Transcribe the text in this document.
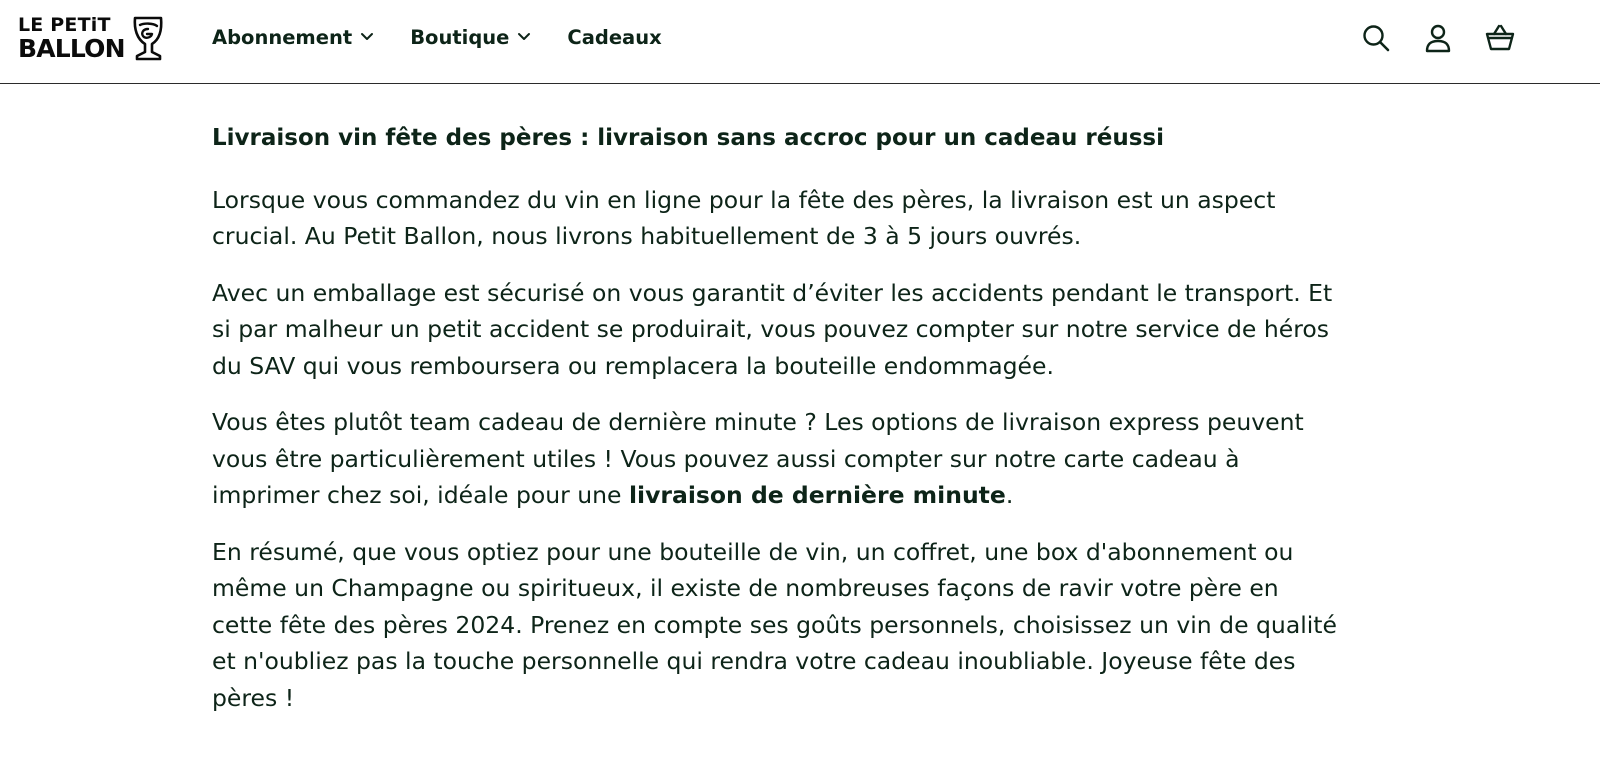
LE PETiT
BALLON	Abonnement	Boutique	Cadeaux
Livraison vin fête des pères : livraison sans accroc pour un cadeau réussi

Lorsque vous commandez du vin en ligne pour la fête des pères, la livraison est un aspect crucial. Au Petit Ballon, nous livrons habituellement de 3 à 5 jours ouvrés.

Avec un emballage est sécurisé on vous garantit d’éviter les accidents pendant le transport. Et si par malheur un petit accident se produirait, vous pouvez compter sur notre service de héros du SAV qui vous remboursera ou remplacera la bouteille endommagée.

Vous êtes plutôt team cadeau de dernière minute ? Les options de livraison express peuvent vous être particulièrement utiles ! Vous pouvez aussi compter sur notre carte cadeau à imprimer chez soi, idéale pour une livraison de dernière minute.

En résumé, que vous optiez pour une bouteille de vin, un coffret, une box d'abonnement ou même un Champagne ou spiritueux, il existe de nombreuses façons de ravir votre père en cette fête des pères 2024. Prenez en compte ses goûts personnels, choisissez un vin de qualité et n'oubliez pas la touche personnelle qui rendra votre cadeau inoubliable. Joyeuse fête des pères !
